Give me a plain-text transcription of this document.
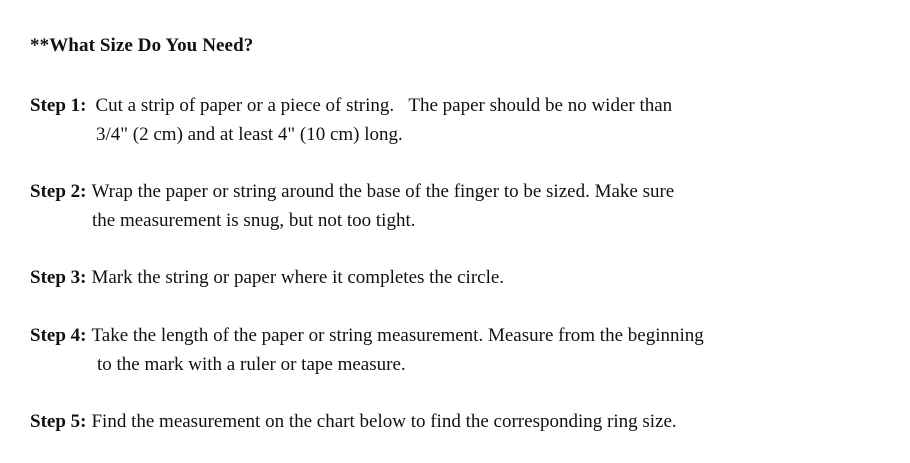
**What Size Do You Need?
Step 1: Cut a strip of paper or a piece of string.   The paper should be no wider than
3/4" (2 cm) and at least 4" (10 cm) long.
Step 2: Wrap the paper or string around the base of the finger to be sized. Make sure
the measurement is snug, but not too tight.
Step 3: Mark the string or paper where it completes the circle.
Step 4: Take the length of the paper or string measurement. Measure from the beginning
to the mark with a ruler or tape measure.
Step 5: Find the measurement on the chart below to find the corresponding ring size.
